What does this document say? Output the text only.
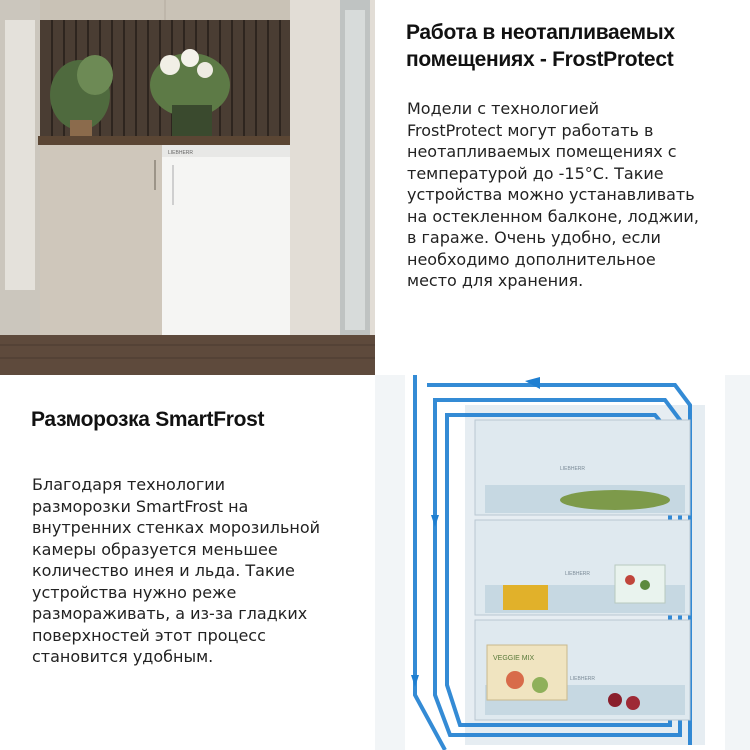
LIEBHERR
Работа в неотапливаемых
помещениях - FrostProtect
Модели с технологией
FrostProtect могут работать в
неотапливаемых помещениях с
температурой до -15°C. Такие
устройства можно устанавливать
на остекленном балконе, лоджии,
в гараже. Очень удобно, если
необходимо дополнительное
место для хранения.
Разморозка SmartFrost
Благодаря технологии
разморозки SmartFrost на
внутренних стенках морозильной
камеры образуется меньшее
количество инея и льда. Такие
устройства нужно реже
размораживать, а из-за гладких
поверхностей этот процесс
становится удобным.
LIEBHERR
LIEBHERR
VEGGIE MIX
LIEBHERR
